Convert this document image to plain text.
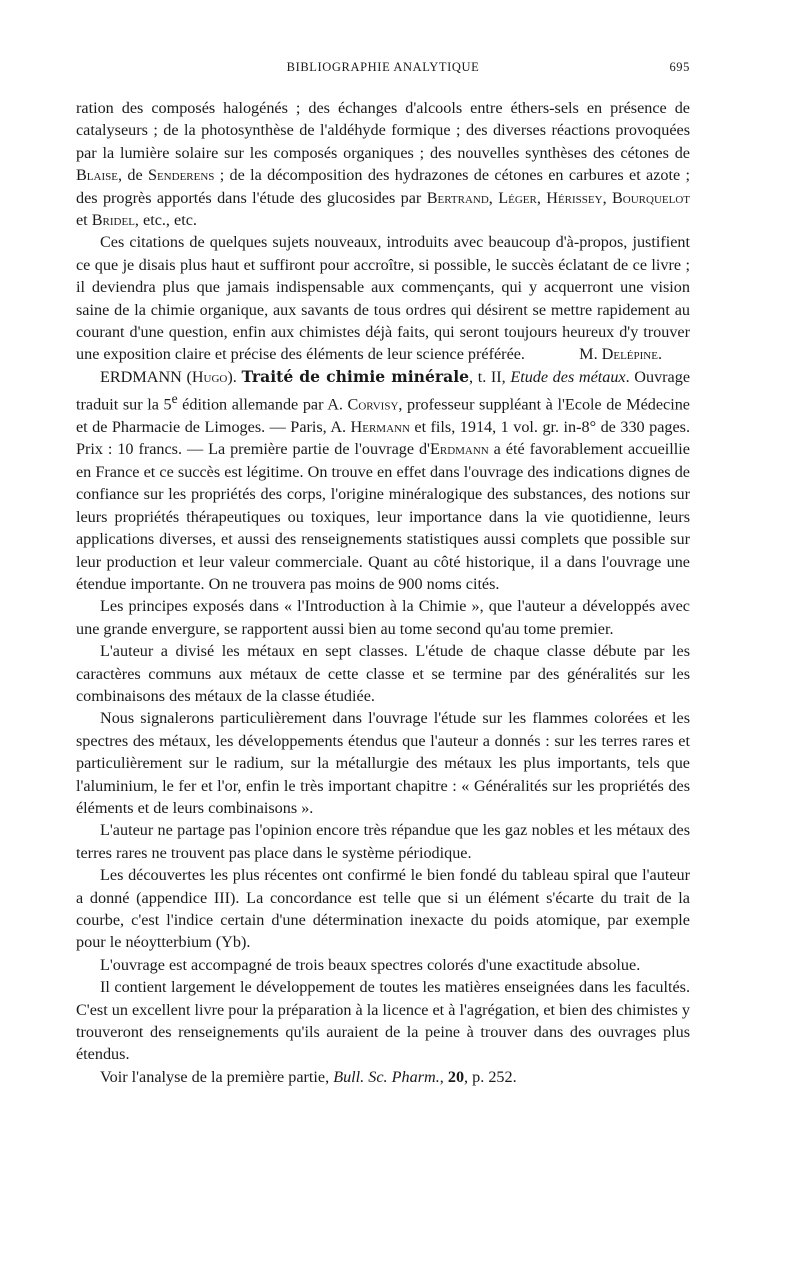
BIBLIOGRAPHIE ANALYTIQUE	695

ration des composés halogénés ; des échanges d'alcools entre éthers-sels en présence de catalyseurs ; de la photosynthèse de l'aldéhyde formique ; des diverses réactions provoquées par la lumière solaire sur les composés organiques ; des nouvelles synthèses des cétones de Blaise, de Senderens ; de la décomposition des hydrazones de cétones en carbures et azote ; des progrès apportés dans l'étude des glucosides par Bertrand, Léger, Hérissey, Bourquelot et Bridel, etc., etc.

Ces citations de quelques sujets nouveaux, introduits avec beaucoup d'à-propos, justifient ce que je disais plus haut et suffiront pour accroître, si possible, le succès éclatant de ce livre ; il deviendra plus que jamais indispensable aux commençants, qui y acquerront une vision saine de la chimie organique, aux savants de tous ordres qui désirent se mettre rapidement au courant d'une question, enfin aux chimistes déjà faits, qui seront toujours heureux d'y trouver une exposition claire et précise des éléments de leur science préférée.	M. Delépine.

ERDMANN (Hugo). Traité de chimie minérale, t. II, Etude des métaux. Ouvrage traduit sur la 5e édition allemande par A. Corvisy, professeur suppléant à l'Ecole de Médecine et de Pharmacie de Limoges. — Paris, A. Hermann et fils, 1914, 1 vol. gr. in-8° de 330 pages. Prix : 10 francs. — La première partie de l'ouvrage d'Erdmann a été favorablement accueillie en France et ce succès est légitime. On trouve en effet dans l'ouvrage des indications dignes de confiance sur les propriétés des corps, l'origine minéralogique des substances, des notions sur leurs propriétés thérapeutiques ou toxiques, leur importance dans la vie quotidienne, leurs applications diverses, et aussi des renseignements statistiques aussi complets que possible sur leur production et leur valeur commerciale. Quant au côté historique, il a dans l'ouvrage une étendue importante. On ne trouvera pas moins de 900 noms cités.

Les principes exposés dans « l'Introduction à la Chimie », que l'auteur a développés avec une grande envergure, se rapportent aussi bien au tome second qu'au tome premier.

L'auteur a divisé les métaux en sept classes. L'étude de chaque classe débute par les caractères communs aux métaux de cette classe et se termine par des généralités sur les combinaisons des métaux de la classe étudiée.

Nous signalerons particulièrement dans l'ouvrage l'étude sur les flammes colorées et les spectres des métaux, les développements étendus que l'auteur a donnés : sur les terres rares et particulièrement sur le radium, sur la métallurgie des métaux les plus importants, tels que l'aluminium, le fer et l'or, enfin le très important chapitre : « Généralités sur les propriétés des éléments et de leurs combinaisons ».

L'auteur ne partage pas l'opinion encore très répandue que les gaz nobles et les métaux des terres rares ne trouvent pas place dans le système périodique.

Les découvertes les plus récentes ont confirmé le bien fondé du tableau spiral que l'auteur a donné (appendice III). La concordance est telle que si un élément s'écarte du trait de la courbe, c'est l'indice certain d'une détermination inexacte du poids atomique, par exemple pour le néoytterbium (Yb).

L'ouvrage est accompagné de trois beaux spectres colorés d'une exactitude absolue.

Il contient largement le développement de toutes les matières enseignées dans les facultés. C'est un excellent livre pour la préparation à la licence et à l'agrégation, et bien des chimistes y trouveront des renseignements qu'ils auraient de la peine à trouver dans des ouvrages plus étendus.

Voir l'analyse de la première partie, Bull. Sc. Pharm., 20, p. 252.
